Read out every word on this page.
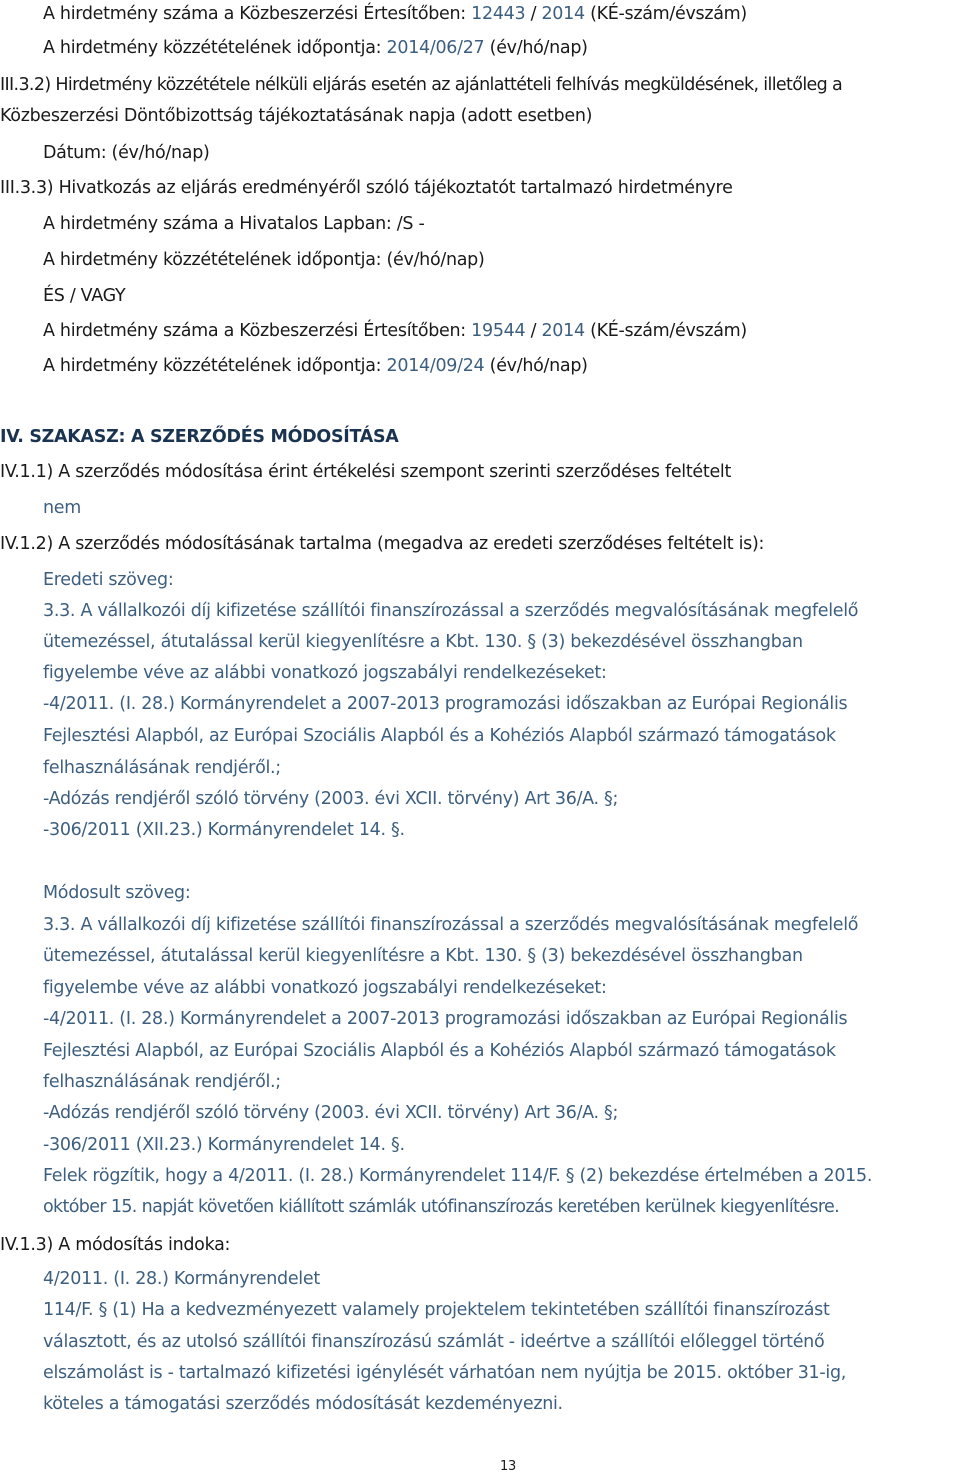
A hirdetmény száma a Közbeszerzési Értesítőben: 12443 / 2014 (KÉ-szám/évszám)
A hirdetmény közzétételének időpontja: 2014/06/27 (év/hó/nap)
III.3.2) Hirdetmény közzététele nélküli eljárás esetén az ajánlattételi felhívás megküldésének, illetőleg a
Közbeszerzési Döntőbizottság tájékoztatásának napja (adott esetben)
Dátum: (év/hó/nap)
III.3.3) Hivatkozás az eljárás eredményéről szóló tájékoztatót tartalmazó hirdetményre
A hirdetmény száma a Hivatalos Lapban: /S -
A hirdetmény közzétételének időpontja: (év/hó/nap)
ÉS / VAGY
A hirdetmény száma a Közbeszerzési Értesítőben: 19544 / 2014 (KÉ-szám/évszám)
A hirdetmény közzétételének időpontja: 2014/09/24 (év/hó/nap)
IV. SZAKASZ: A SZERZŐDÉS MÓDOSÍTÁSA
IV.1.1) A szerződés módosítása érint értékelési szempont szerinti szerződéses feltételt
nem
IV.1.2) A szerződés módosításának tartalma (megadva az eredeti szerződéses feltételt is):
Eredeti szöveg:
3.3. A vállalkozói díj kifizetése szállítói finanszírozással a szerződés megvalósításának megfelelő
ütemezéssel, átutalással kerül kiegyenlítésre a Kbt. 130. § (3) bekezdésével összhangban
figyelembe véve az alábbi vonatkozó jogszabályi rendelkezéseket:
-4/2011. (I. 28.) Kormányrendelet a 2007-2013 programozási időszakban az Európai Regionális
Fejlesztési Alapból, az Európai Szociális Alapból és a Kohéziós Alapból származó támogatások
felhasználásának rendjéről.;
-Adózás rendjéről szóló törvény (2003. évi XCII. törvény) Art 36/A. §;
-306/2011 (XII.23.) Kormányrendelet 14. §.
Módosult szöveg:
3.3. A vállalkozói díj kifizetése szállítói finanszírozással a szerződés megvalósításának megfelelő
ütemezéssel, átutalással kerül kiegyenlítésre a Kbt. 130. § (3) bekezdésével összhangban
figyelembe véve az alábbi vonatkozó jogszabályi rendelkezéseket:
-4/2011. (I. 28.) Kormányrendelet a 2007-2013 programozási időszakban az Európai Regionális
Fejlesztési Alapból, az Európai Szociális Alapból és a Kohéziós Alapból származó támogatások
felhasználásának rendjéről.;
-Adózás rendjéről szóló törvény (2003. évi XCII. törvény) Art 36/A. §;
-306/2011 (XII.23.) Kormányrendelet 14. §.
Felek rögzítik, hogy a 4/2011. (I. 28.) Kormányrendelet 114/F. § (2) bekezdése értelmében a 2015.
október 15. napját követően kiállított számlák utófinanszírozás keretében kerülnek kiegyenlítésre.
IV.1.3) A módosítás indoka:
4/2011. (I. 28.) Kormányrendelet
114/F. § (1) Ha a kedvezményezett valamely projektelem tekintetében szállítói finanszírozást
választott, és az utolsó szállítói finanszírozású számlát - ideértve a szállítói előleggel történő
elszámolást is - tartalmazó kifizetési igénylését várhatóan nem nyújtja be 2015. október 31-ig,
köteles a támogatási szerződés módosítását kezdeményezni.
13
